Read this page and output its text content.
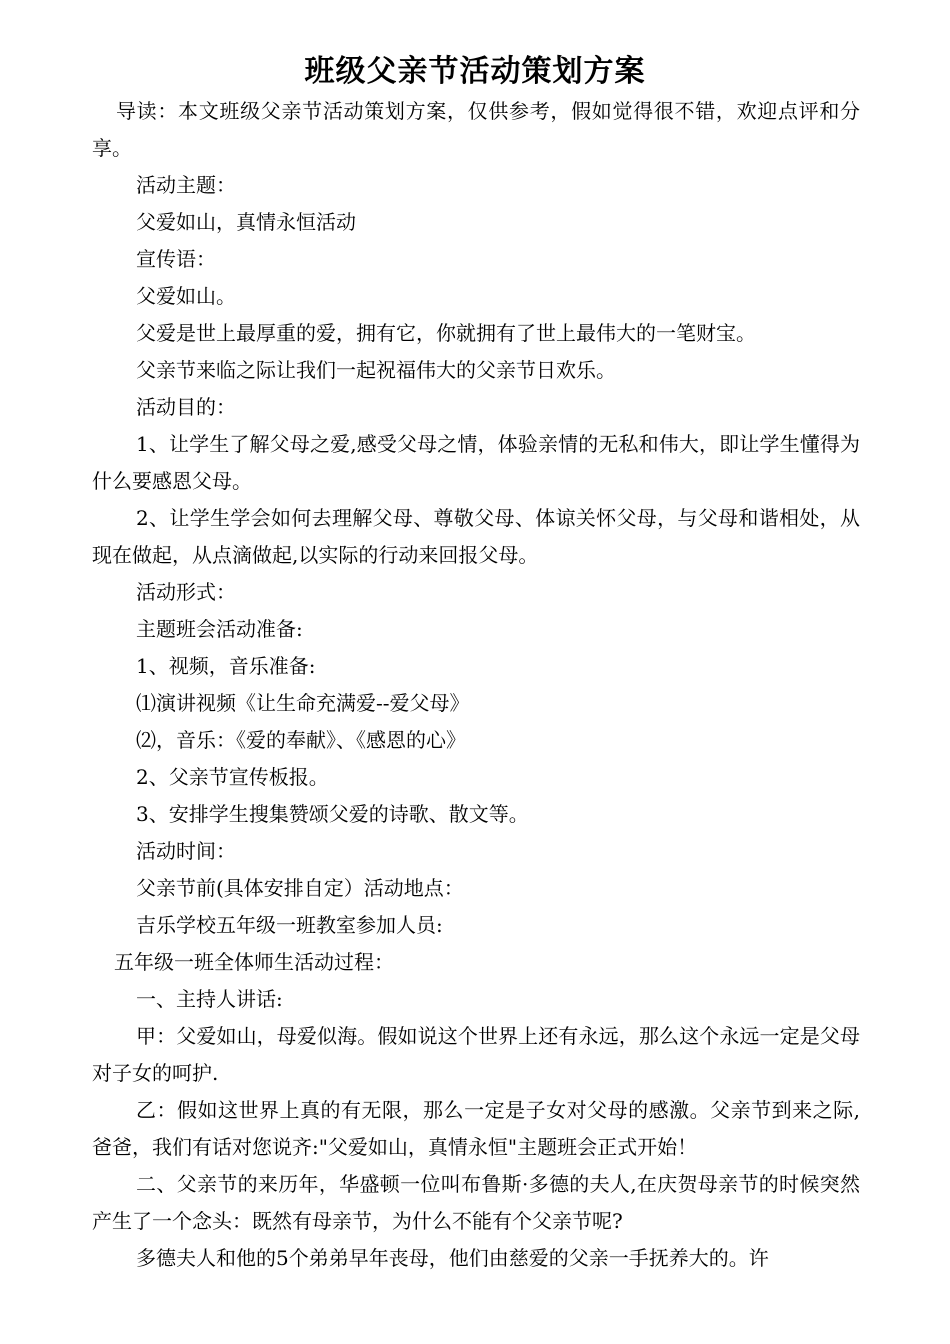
班级父亲节活动策划方案

导读：本文班级父亲节活动策划方案，仅供参考，假如觉得很不错，欢迎点评和分享。

活动主题：

父爱如山，真情永恒活动

宣传语：

父爱如山。

父爱是世上最厚重的爱，拥有它，你就拥有了世上最伟大的一笔财宝。

父亲节来临之际让我们一起祝福伟大的父亲节日欢乐。

活动目的：

1、让学生了解父母之爱,感受父母之情，体验亲情的无私和伟大，即让学生懂得为什么要感恩父母。

2、让学生学会如何去理解父母、尊敬父母、体谅关怀父母，与父母和谐相处，从现在做起，从点滴做起,以实际的行动来回报父母。

活动形式：

主题班会活动准备:

1、视频，音乐准备:

⑴演讲视频《让生命充满爱--爱父母》

⑵，音乐：《爱的奉献》、《感恩的心》

2、父亲节宣传板报。

3、安排学生搜集赞颂父爱的诗歌、散文等。

活动时间：

父亲节前(具体安排自定）活动地点：

吉乐学校五年级一班教室参加人员:

五年级一班全体师生活动过程：

一、主持人讲话:

甲：父爱如山，母爱似海。假如说这个世界上还有永远，那么这个永远一定是父母对子女的呵护.

乙：假如这世界上真的有无限，那么一定是子女对父母的感激。父亲节到来之际,爸爸，我们有话对您说齐:"父爱如山，真情永恒"主题班会正式开始！

二、父亲节的来历年，华盛顿一位叫布鲁斯·多德的夫人,在庆贺母亲节的时候突然产生了一个念头：既然有母亲节，为什么不能有个父亲节呢?

多德夫人和他的5个弟弟早年丧母，他们由慈爱的父亲一手抚养大的。许
